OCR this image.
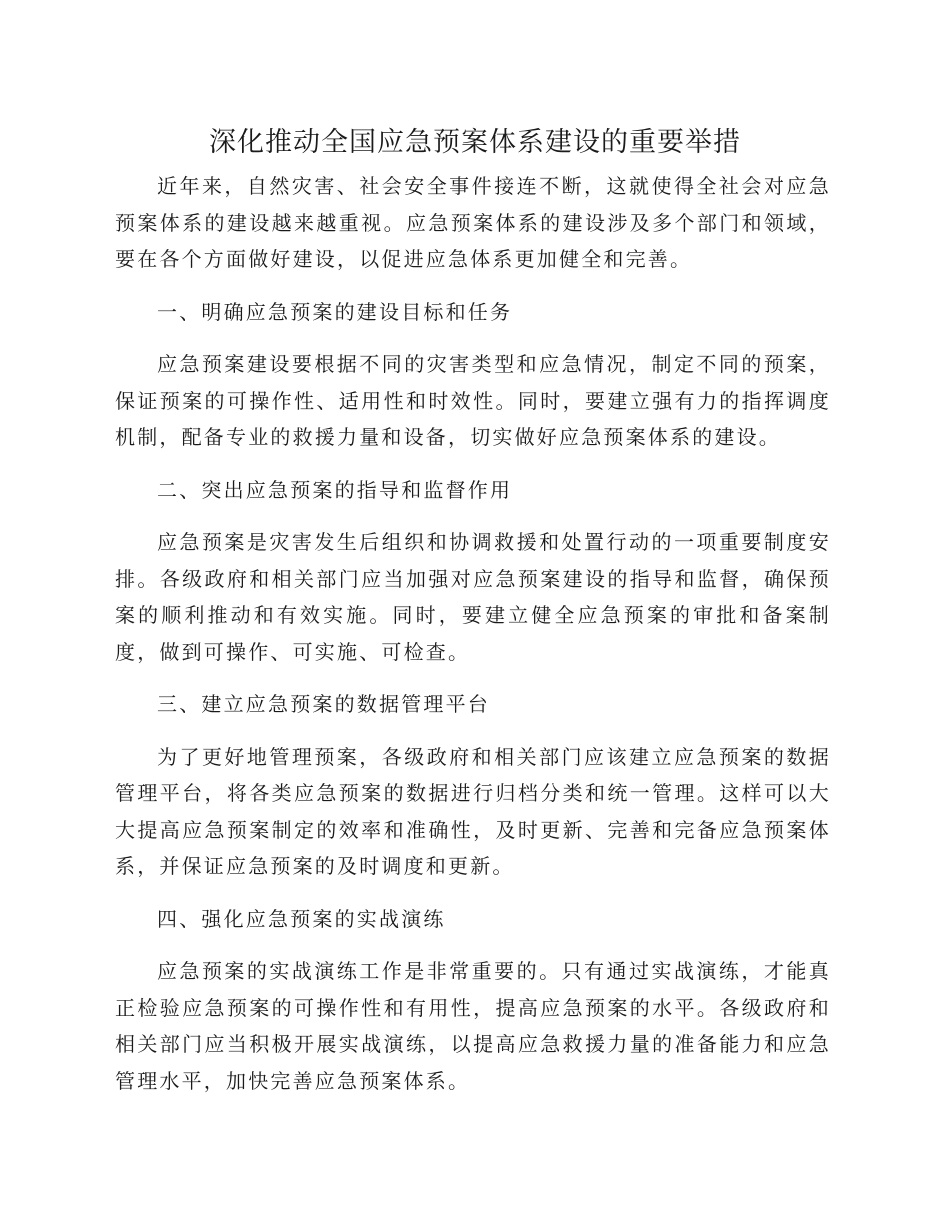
深化推动全国应急预案体系建设的重要举措

近年来，自然灾害、社会安全事件接连不断，这就使得全社会对应急预案体系的建设越来越重视。应急预案体系的建设涉及多个部门和领域，要在各个方面做好建设，以促进应急体系更加健全和完善。

一、明确应急预案的建设目标和任务

应急预案建设要根据不同的灾害类型和应急情况，制定不同的预案，保证预案的可操作性、适用性和时效性。同时，要建立强有力的指挥调度机制，配备专业的救援力量和设备，切实做好应急预案体系的建设。

二、突出应急预案的指导和监督作用

应急预案是灾害发生后组织和协调救援和处置行动的一项重要制度安排。各级政府和相关部门应当加强对应急预案建设的指导和监督，确保预案的顺利推动和有效实施。同时，要建立健全应急预案的审批和备案制度，做到可操作、可实施、可检查。

三、建立应急预案的数据管理平台

为了更好地管理预案，各级政府和相关部门应该建立应急预案的数据管理平台，将各类应急预案的数据进行归档分类和统一管理。这样可以大大提高应急预案制定的效率和准确性，及时更新、完善和完备应急预案体系，并保证应急预案的及时调度和更新。

四、强化应急预案的实战演练

应急预案的实战演练工作是非常重要的。只有通过实战演练，才能真正检验应急预案的可操作性和有用性，提高应急预案的水平。各级政府和相关部门应当积极开展实战演练，以提高应急救援力量的准备能力和应急管理水平，加快完善应急预案体系。
